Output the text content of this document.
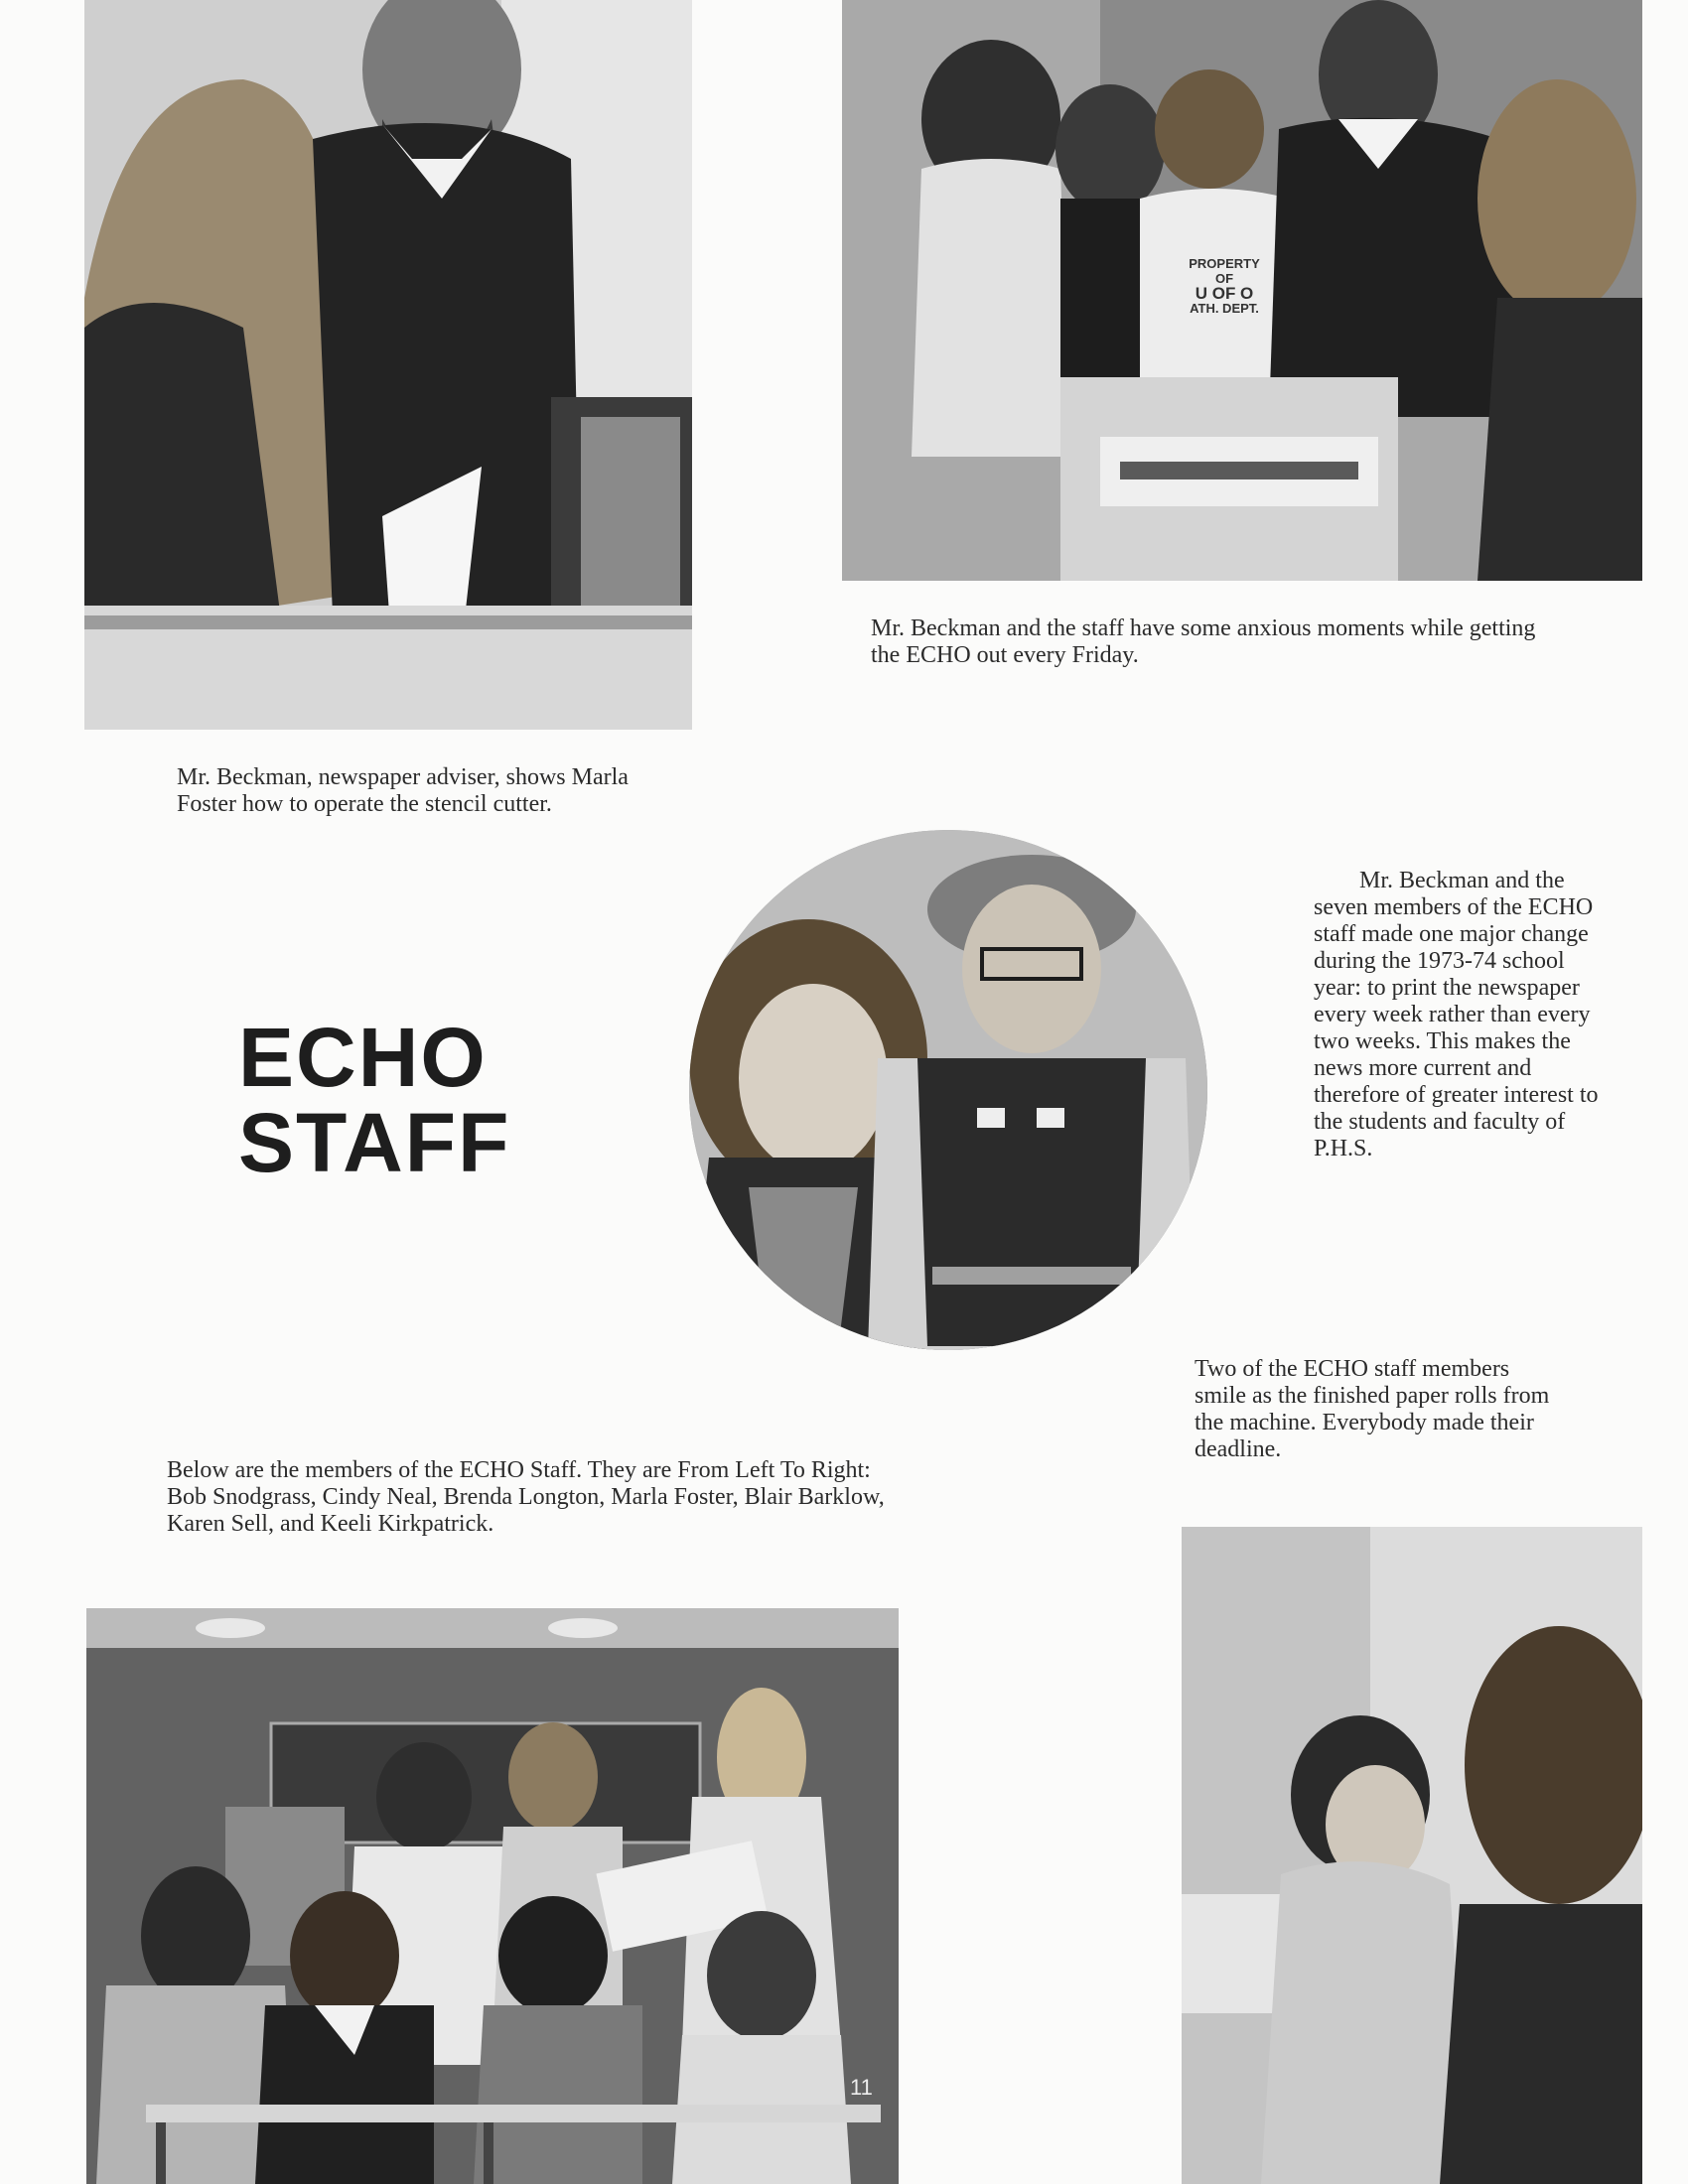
PROPERTY
OF
U OF O
ATH. DEPT.

Mr. Beckman and the staff have some anxious moments while getting the ECHO out every Friday.

Mr. Beckman, newspaper adviser, shows Marla Foster how to operate the stencil cutter.

ECHO
STAFF

Mr. Beckman and the seven members of the ECHO staff made one major change during the 1973-74 school year: to print the newspaper every week rather than every two weeks. This makes the news more current and therefore of greater interest to the students and faculty of P.H.S.

Two of the ECHO staff members smile as the finished paper rolls from the machine. Everybody made their deadline.

Below are the members of the ECHO Staff. They are From Left To Right: Bob Snodgrass, Cindy Neal, Brenda Longton, Marla Foster, Blair Barklow, Karen Sell, and Keeli Kirkpatrick.

11
